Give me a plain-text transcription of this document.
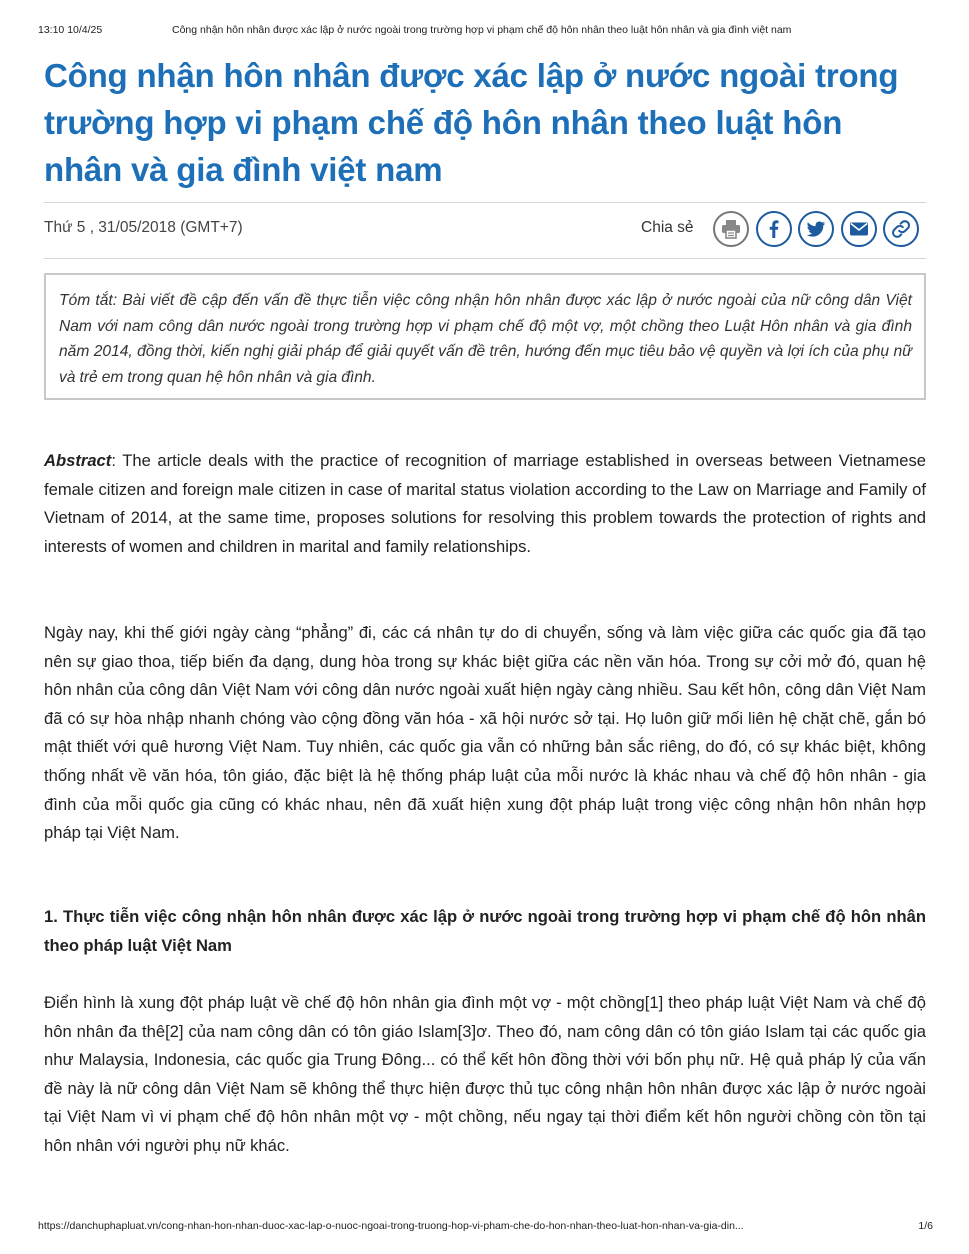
13:10 10/4/25	Công nhận hôn nhân được xác lập ở nước ngoài trong trường hợp vi phạm chế độ hôn nhân theo luật hôn nhân và gia đình việt nam
Công nhận hôn nhân được xác lập ở nước ngoài trong trường hợp vi phạm chế độ hôn nhân theo luật hôn nhân và gia đình việt nam
Thứ 5 , 31/05/2018 (GMT+7)	Chia sẻ
Tóm tắt: Bài viết đề cập đến vấn đề thực tiễn việc công nhận hôn nhân được xác lập ở nước ngoài của nữ công dân Việt Nam với nam công dân nước ngoài trong trường hợp vi phạm chế độ một vợ, một chồng theo Luật Hôn nhân và gia đình năm 2014, đồng thời, kiến nghị giải pháp để giải quyết vấn đề trên, hướng đến mục tiêu bảo vệ quyền và lợi ích của phụ nữ và trẻ em trong quan hệ hôn nhân và gia đình.

Abstract: The article deals with the practice of recognition of marriage established in overseas between Vietnamese female citizen and foreign male citizen in case of marital status violation according to the Law on Marriage and Family of Vietnam of 2014, at the same time, proposes solutions for resolving this problem towards the protection of rights and interests of women and children in marital and family relationships.

Ngày nay, khi thế giới ngày càng “phẳng” đi, các cá nhân tự do di chuyển, sống và làm việc giữa các quốc gia đã tạo nên sự giao thoa, tiếp biến đa dạng, dung hòa trong sự khác biệt giữa các nền văn hóa. Trong sự cởi mở đó, quan hệ hôn nhân của công dân Việt Nam với công dân nước ngoài xuất hiện ngày càng nhiều. Sau kết hôn, công dân Việt Nam đã có sự hòa nhập nhanh chóng vào cộng đồng văn hóa - xã hội nước sở tại. Họ luôn giữ mối liên hệ chặt chẽ, gắn bó mật thiết với quê hương Việt Nam. Tuy nhiên, các quốc gia vẫn có những bản sắc riêng, do đó, có sự khác biệt, không thống nhất về văn hóa, tôn giáo, đặc biệt là hệ thống pháp luật của mỗi nước là khác nhau và chế độ hôn nhân - gia đình của mỗi quốc gia cũng có khác nhau, nên đã xuất hiện xung đột pháp luật trong việc công nhận hôn nhân hợp pháp tại Việt Nam.

1. Thực tiễn việc công nhận hôn nhân được xác lập ở nước ngoài trong trường hợp vi phạm chế độ hôn nhân theo pháp luật Việt Nam

Điển hình là xung đột pháp luật về chế độ hôn nhân gia đình một vợ - một chồng[1] theo pháp luật Việt Nam và chế độ hôn nhân đa thê[2] của nam công dân có tôn giáo Islam[3]ơ. Theo đó, nam công dân có tôn giáo Islam tại các quốc gia như Malaysia, Indonesia, các quốc gia Trung Đông... có thể kết hôn đồng thời với bốn phụ nữ. Hệ quả pháp lý của vấn đề này là nữ công dân Việt Nam sẽ không thể thực hiện được thủ tục công nhận hôn nhân được xác lập ở nước ngoài tại Việt Nam vì vi phạm chế độ hôn nhân một vợ - một chồng, nếu ngay tại thời điểm kết hôn người chồng còn tồn tại hôn nhân với người phụ nữ khác.

https://danchuphapluat.vn/cong-nhan-hon-nhan-duoc-xac-lap-o-nuoc-ngoai-trong-truong-hop-vi-pham-che-do-hon-nhan-theo-luat-hon-nhan-va-gia-din...	1/6
